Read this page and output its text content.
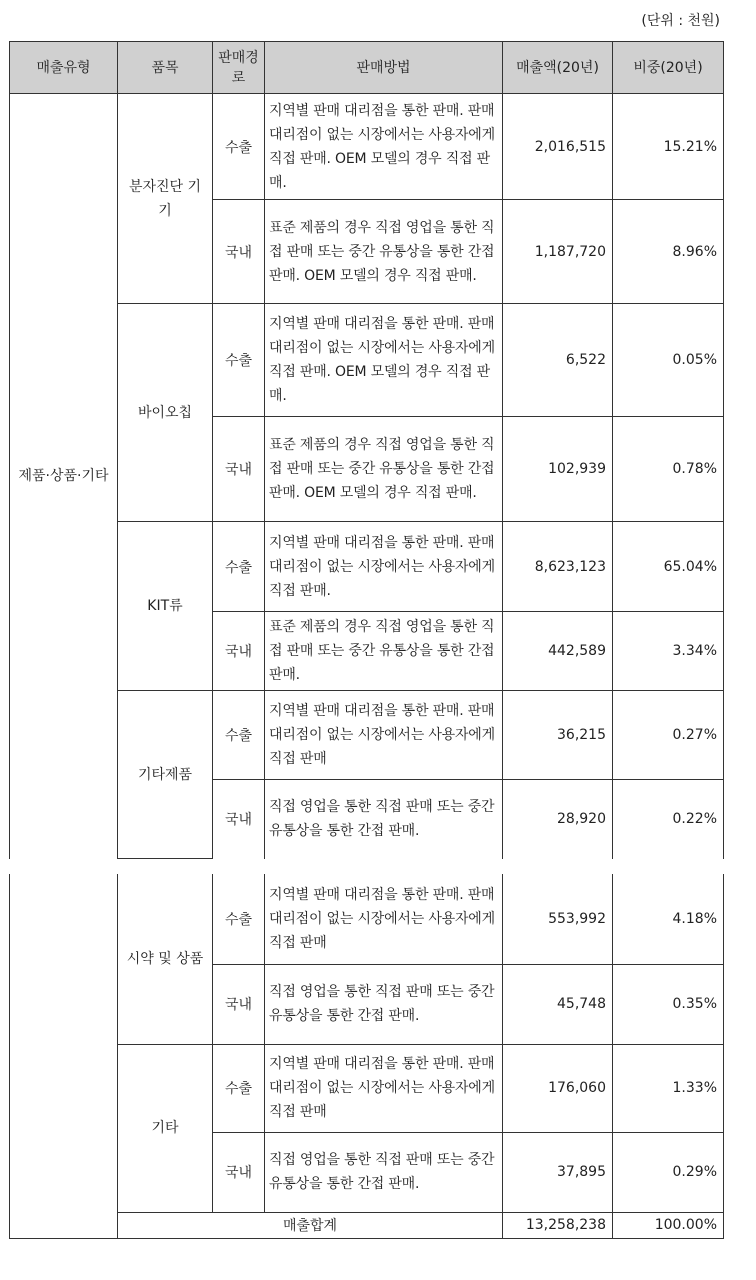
(단위 : 천원)
매출유형	품목	판매경로	판매방법	매출액(20년)	비중(20년)
제품·상품·기타	분자진단 기기	수출	지역별 판매 대리점을 통한 판매. 판매대리점이 없는 시장에서는 사용자에게 직접 판매. OEM 모델의 경우 직접 판매.	2,016,515	15.21%
		국내	표준 제품의 경우 직접 영업을 통한 직접 판매 또는 중간 유통상을 통한 간접 판매. OEM 모델의 경우 직접 판매.	1,187,720	8.96%
	바이오칩	수출	지역별 판매 대리점을 통한 판매. 판매대리점이 없는 시장에서는 사용자에게 직접 판매. OEM 모델의 경우 직접 판매.	6,522	0.05%
		국내	표준 제품의 경우 직접 영업을 통한 직접 판매 또는 중간 유통상을 통한 간접 판매. OEM 모델의 경우 직접 판매.	102,939	0.78%
	KIT류	수출	지역별 판매 대리점을 통한 판매. 판매대리점이 없는 시장에서는 사용자에게 직접 판매.	8,623,123	65.04%
		국내	표준 제품의 경우 직접 영업을 통한 직접 판매 또는 중간 유통상을 통한 간접 판매.	442,589	3.34%
	기타제품	수출	지역별 판매 대리점을 통한 판매. 판매대리점이 없는 시장에서는 사용자에게 직접 판매	36,215	0.27%
		국내	직접 영업을 통한 직접 판매 또는 중간 유통상을 통한 간접 판매.	28,920	0.22%
	시약 및 상품	수출	지역별 판매 대리점을 통한 판매. 판매대리점이 없는 시장에서는 사용자에게 직접 판매	553,992	4.18%
		국내	직접 영업을 통한 직접 판매 또는 중간 유통상을 통한 간접 판매.	45,748	0.35%
	기타	수출	지역별 판매 대리점을 통한 판매. 판매대리점이 없는 시장에서는 사용자에게 직접 판매	176,060	1.33%
		국내	직접 영업을 통한 직접 판매 또는 중간 유통상을 통한 간접 판매.	37,895	0.29%
	매출합계			13,258,238	100.00%
